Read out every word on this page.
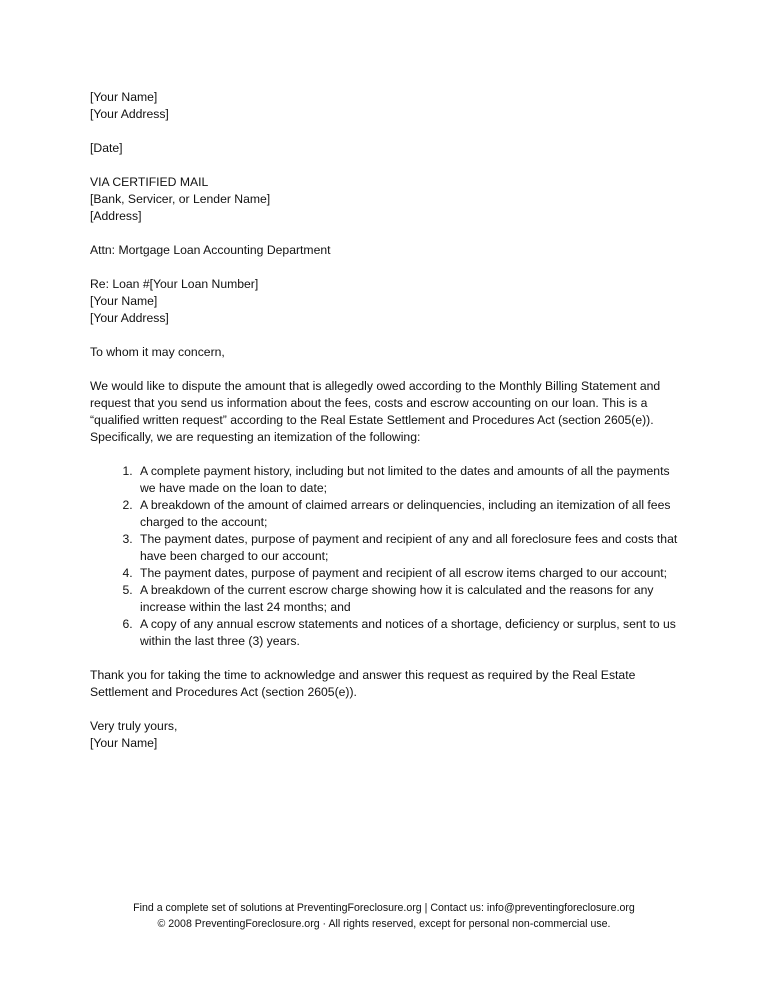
[Your Name]
[Your Address]
[Date]
VIA CERTIFIED MAIL
[Bank, Servicer, or Lender Name]
[Address]
Attn: Mortgage Loan Accounting Department
Re: Loan #[Your Loan Number]
[Your Name]
[Your Address]
To whom it may concern,
We would like to dispute the amount that is allegedly owed according to the Monthly Billing Statement and request that you send us information about the fees, costs and escrow accounting on our loan. This is a “qualified written request” according to the Real Estate Settlement and Procedures Act (section 2605(e)). Specifically, we are requesting an itemization of the following:
1. A complete payment history, including but not limited to the dates and amounts of all the payments we have made on the loan to date;
2. A breakdown of the amount of claimed arrears or delinquencies, including an itemization of all fees charged to the account;
3. The payment dates, purpose of payment and recipient of any and all foreclosure fees and costs that have been charged to our account;
4. The payment dates, purpose of payment and recipient of all escrow items charged to our account;
5. A breakdown of the current escrow charge showing how it is calculated and the reasons for any increase within the last 24 months; and
6. A copy of any annual escrow statements and notices of a shortage, deficiency or surplus, sent to us within the last three (3) years.
Thank you for taking the time to acknowledge and answer this request as required by the Real Estate Settlement and Procedures Act (section 2605(e)).
Very truly yours,
[Your Name]
Find a complete set of solutions at PreventingForeclosure.org | Contact us: info@preventingforeclosure.org
© 2008 PreventingForeclosure.org · All rights reserved, except for personal non-commercial use.
